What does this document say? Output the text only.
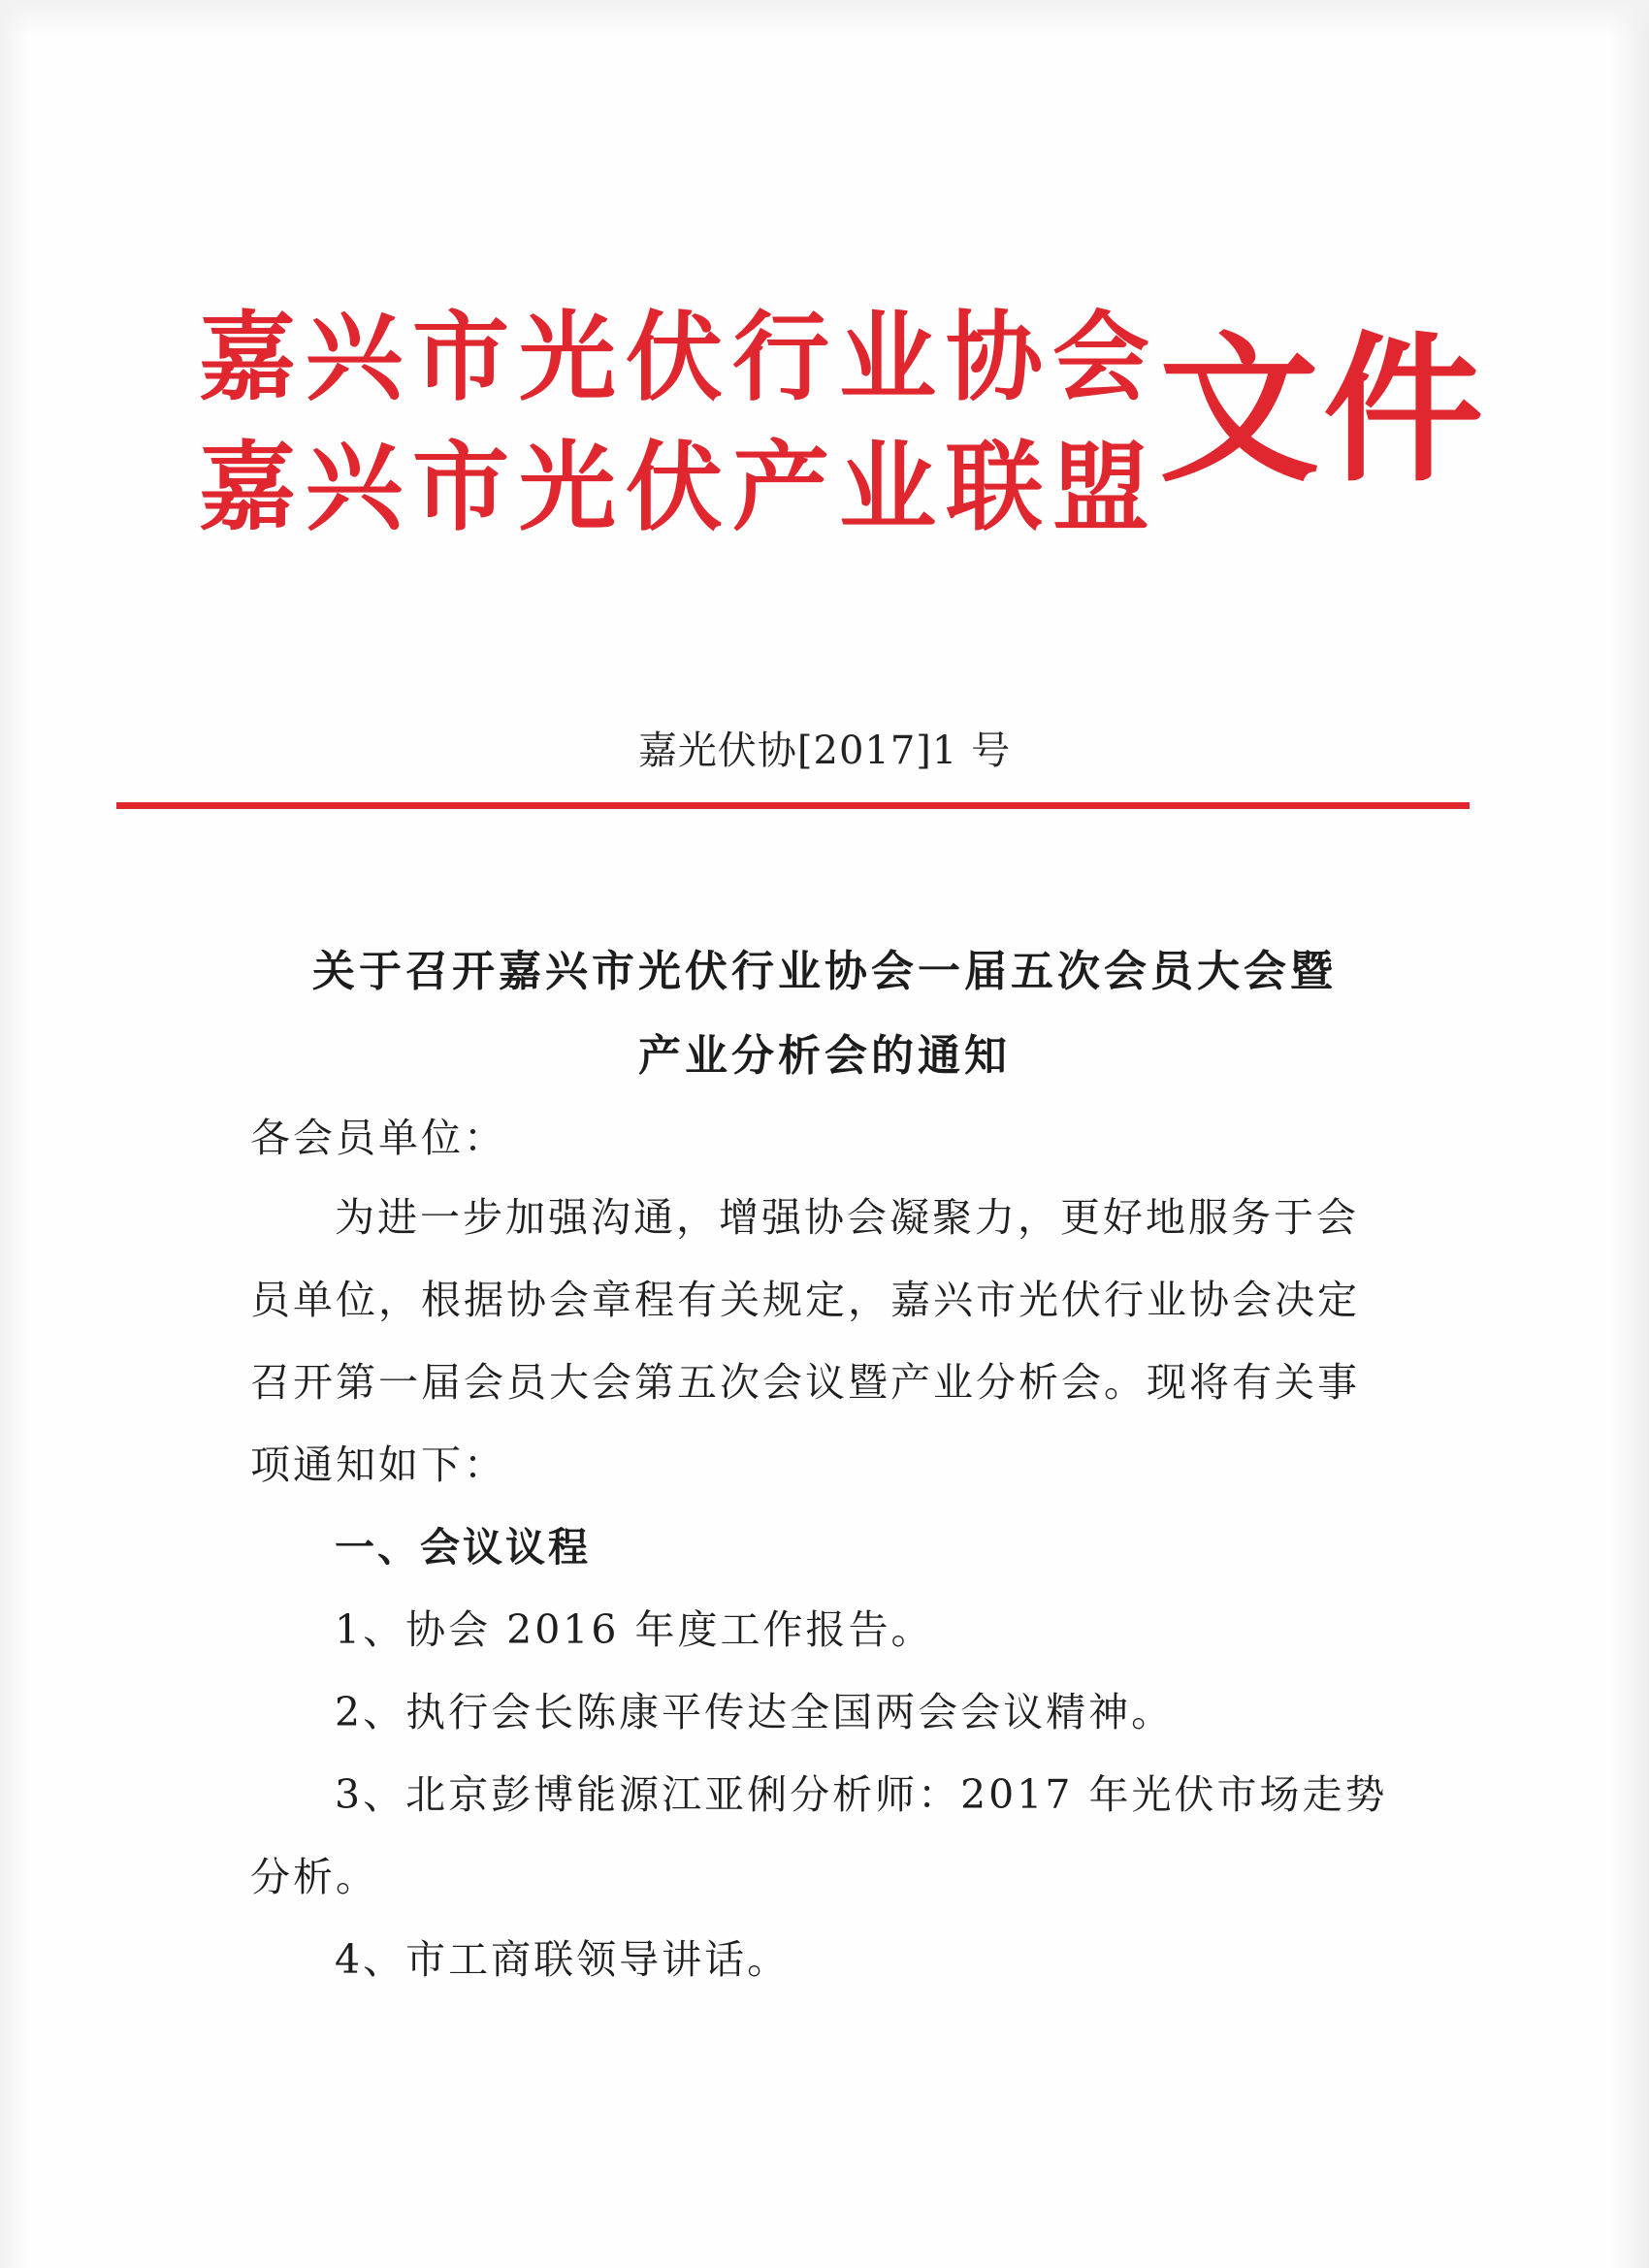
嘉兴市光伏行业协会
嘉兴市光伏产业联盟 文件
嘉光伏协[2017]1 号
关于召开嘉兴市光伏行业协会一届五次会员大会暨
产业分析会的通知
各会员单位：
为进一步加强沟通，增强协会凝聚力，更好地服务于会
员单位，根据协会章程有关规定，嘉兴市光伏行业协会决定
召开第一届会员大会第五次会议暨产业分析会。现将有关事
项通知如下：
一、会议议程
1、协会 2016 年度工作报告。
2、执行会长陈康平传达全国两会会议精神。
3、北京彭博能源江亚俐分析师：2017 年光伏市场走势
分析。
4、市工商联领导讲话。
